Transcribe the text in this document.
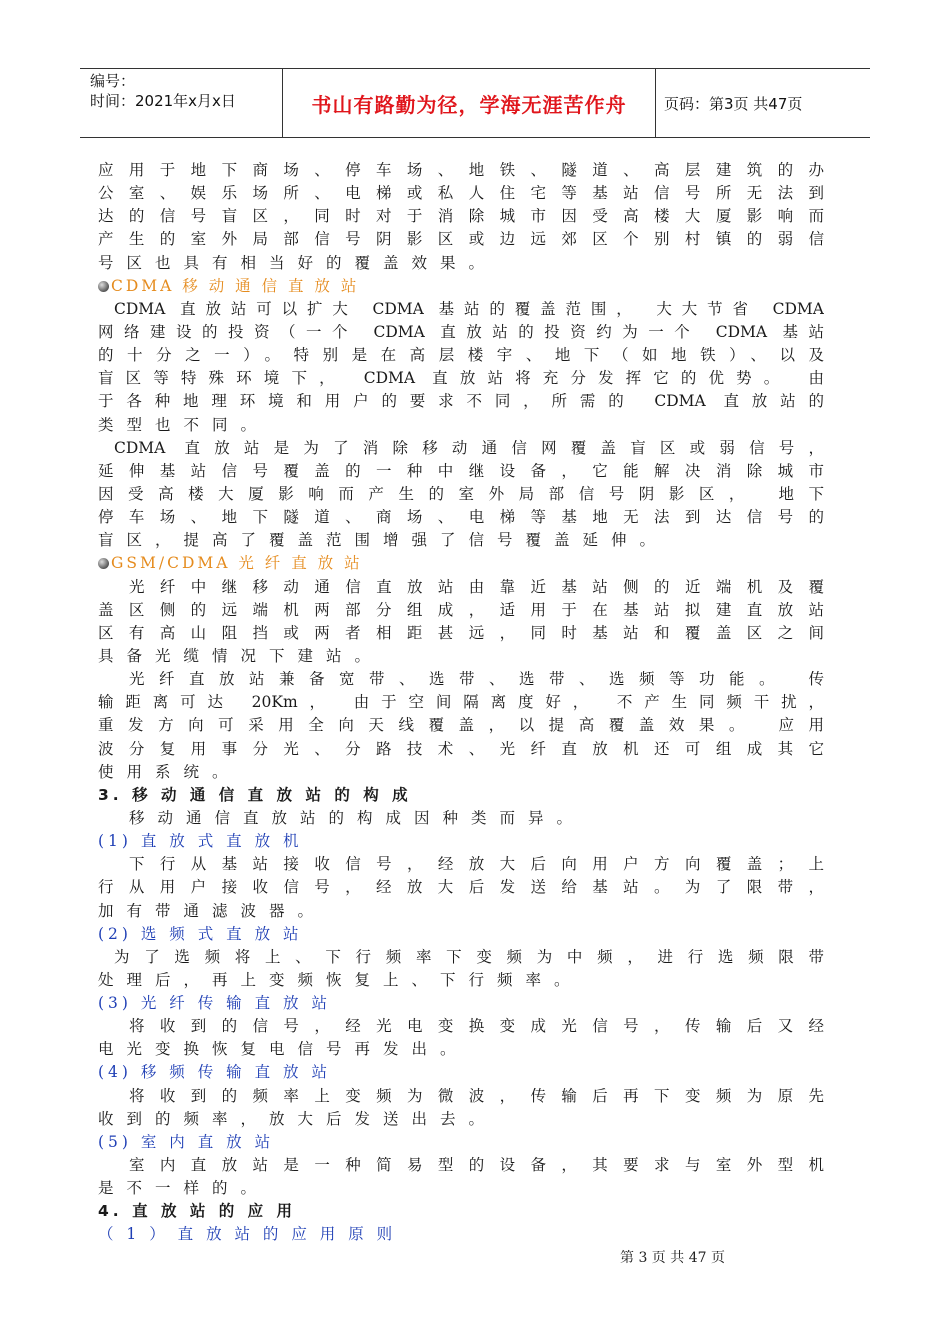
编号：
时间：2021年x月x日	书山有路勤为径，学海无涯苦作舟	页码：第3页 共47页
应用于地下商场、停车场、地铁、隧道、高层建筑的办
公室、娱乐场所、电梯或私人住宅等基站信号所无法到
达的信号盲区，同时对于消除城市因受高楼大厦影响而
产生的室外局部信号阴影区或边远郊区个别村镇的弱信
号区也具有相当好的覆盖效果。
CDMA 移 动 通 信 直 放 站
CDMA 直放站可以扩大 CDMA 基站的覆盖范围， 大大节省 CDMA
网络建设的投资（一个 CDMA 直放站的投资约为一个 CDMA 基站
的十分之一）。特别是在高层楼宇、地下（如地铁）、以及
盲区等特殊环境下， CDMA 直放站将充分发挥它的优势。 由
于各种地理环境和用户的要求不同，所需的 CDMA 直放站的
类型也不同。
CDMA 直放站是为了消除移动通信网覆盖盲区或弱信号，
延伸基站信号覆盖的一种中继设备，它能解决消除城市
因受高楼大厦影响而产生的室外局部信号阴影区， 地下
停车场、地下隧道、商场、电梯等基地无法到达信号的
盲区，提高了覆盖范围增强了信号覆盖延伸。
GSM/CDMA 光 纤 直 放 站
光纤中继移动通信直放站由靠近基站侧的近端机及覆
盖区侧的远端机两部分组成，适用于在基站拟建直放站
区有高山阻挡或两者相距甚远，同时基站和覆盖区之间
具备光缆情况下建站。
光纤直放站兼备宽带、选带、选带、选频等功能。 传
输距离可达 20Km， 由于空间隔离度好， 不产生同频干扰，
重发方向可采用全向天线覆盖，以提高覆盖效果。 应用
波分复用事分光、分路技术、光纤直放机还可组成其它
使用系统。
3. 移 动 通 信 直 放 站 的 构 成
移动通信直放站的构成因种类而异。
(1) 直 放 式 直 放 机
下行从基站接收信号，经放大后向用户方向覆盖；上
行从用户接收信号，经放大后发送给基站。为了限带，
加有带通滤波器。
(2) 选 频 式 直 放 站
为了选频将上、下行频率下变频为中频，进行选频限带
处理后，再上变频恢复上、下行频率。
(3) 光 纤 传 输 直 放 站
将收到的信号，经光电变换变成光信号，传输后又经
电光变换恢复电信号再发出。
(4) 移 频 传 输 直 放 站
将收到的频率上变频为微波，传输后再下变频为原先
收到的频率，放大后发送出去。
(5) 室 内 直 放 站
室内直放站是一种简易型的设备，其要求与室外型机
是不一样的。
4. 直 放 站 的 应 用
（ 1 ） 直 放 站 的 应 用 原 则
第 3 页 共 47 页
